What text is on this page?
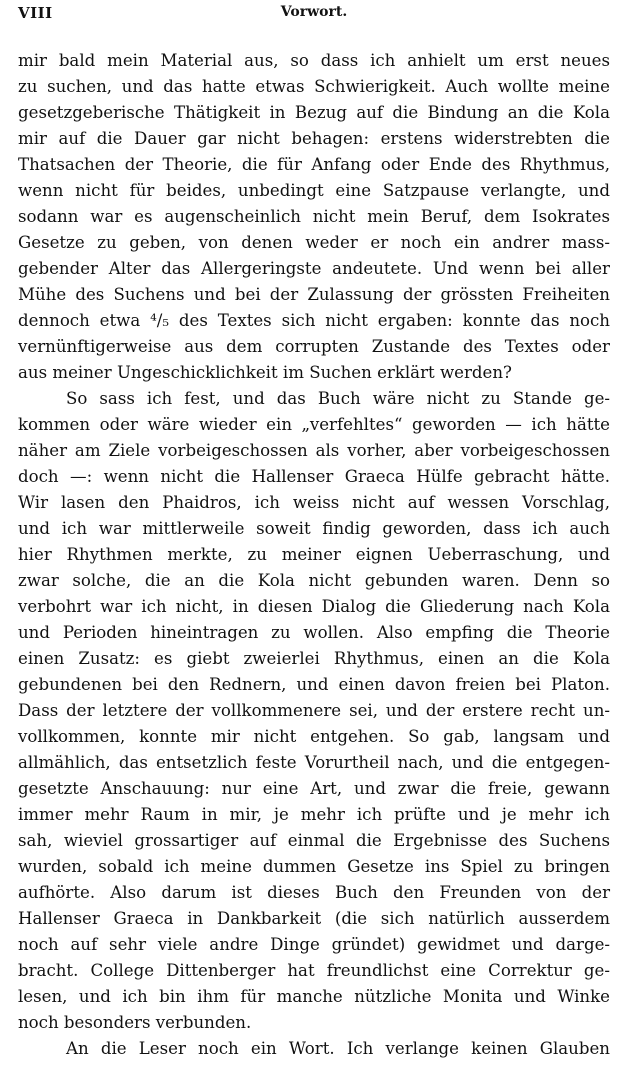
VIII	Vorwort.
mir bald mein Material aus, so dass ich anhielt um erst neues
zu suchen, und das hatte etwas Schwierigkeit. Auch wollte meine
gesetzgeberische Thätigkeit in Bezug auf die Bindung an die Kola
mir auf die Dauer gar nicht behagen: erstens widerstrebten die
Thatsachen der Theorie, die für Anfang oder Ende des Rhythmus,
wenn nicht für beides, unbedingt eine Satzpause verlangte, und
sodann war es augenscheinlich nicht mein Beruf, dem Isokrates
Gesetze zu geben, von denen weder er noch ein andrer mass-
gebender Alter das Allergeringste andeutete. Und wenn bei aller
Mühe des Suchens und bei der Zulassung der grössten Freiheiten
dennoch etwa ⁴/₅ des Textes sich nicht ergaben: konnte das noch
vernünftigerweise aus dem corrupten Zustande des Textes oder
aus meiner Ungeschicklichkeit im Suchen erklärt werden?
So sass ich fest, und das Buch wäre nicht zu Stande ge-
kommen oder wäre wieder ein „verfehltes“ geworden — ich hätte
näher am Ziele vorbeigeschossen als vorher, aber vorbeigeschossen
doch —: wenn nicht die Hallenser Graeca Hülfe gebracht hätte.
Wir lasen den Phaidros, ich weiss nicht auf wessen Vorschlag,
und ich war mittlerweile soweit findig geworden, dass ich auch
hier Rhythmen merkte, zu meiner eignen Ueberraschung, und
zwar solche, die an die Kola nicht gebunden waren. Denn so
verbohrt war ich nicht, in diesen Dialog die Gliederung nach Kola
und Perioden hineintragen zu wollen. Also empfing die Theorie
einen Zusatz: es giebt zweierlei Rhythmus, einen an die Kola
gebundenen bei den Rednern, und einen davon freien bei Platon.
Dass der letztere der vollkommenere sei, und der erstere recht un-
vollkommen, konnte mir nicht entgehen. So gab, langsam und
allmählich, das entsetzlich feste Vorurtheil nach, und die entgegen-
gesetzte Anschauung: nur eine Art, und zwar die freie, gewann
immer mehr Raum in mir, je mehr ich prüfte und je mehr ich
sah, wieviel grossartiger auf einmal die Ergebnisse des Suchens
wurden, sobald ich meine dummen Gesetze ins Spiel zu bringen
aufhörte. Also darum ist dieses Buch den Freunden von der
Hallenser Graeca in Dankbarkeit (die sich natürlich ausserdem
noch auf sehr viele andre Dinge gründet) gewidmet und darge-
bracht. College Dittenberger hat freundlichst eine Correktur ge-
lesen, und ich bin ihm für manche nützliche Monita und Winke
noch besonders verbunden.
An die Leser noch ein Wort. Ich verlange keinen Glauben
